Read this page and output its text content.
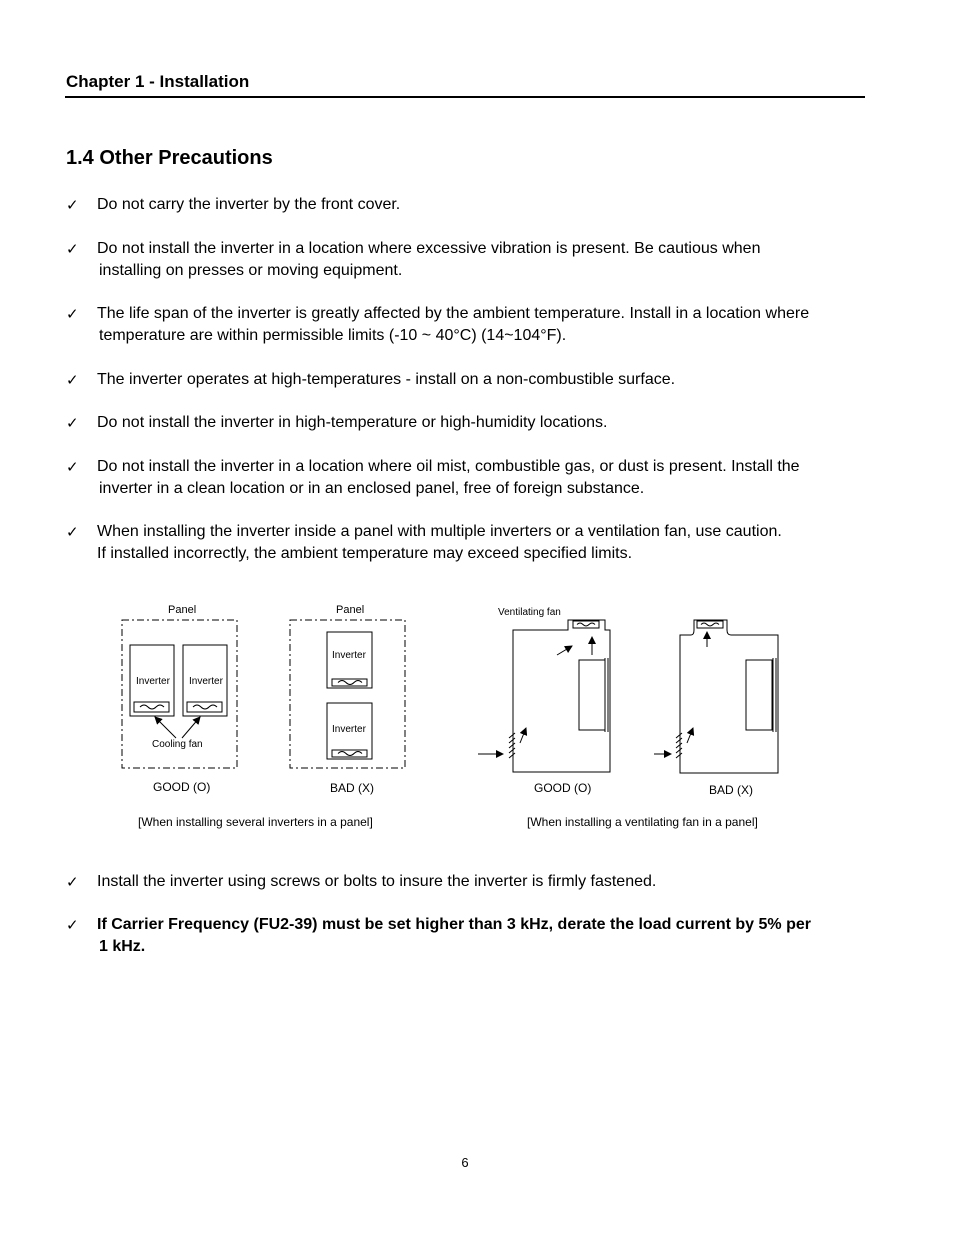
Chapter 1 - Installation
1.4 Other Precautions
✓ Do not carry the inverter by the front cover.
✓ Do not install the inverter in a location where excessive vibration is present. Be cautious when
installing on presses or moving equipment.
✓ The life span of the inverter is greatly affected by the ambient temperature. Install in a location where
temperature are within permissible limits (-10 ~ 40°C) (14~104°F).
✓ The inverter operates at high-temperatures - install on a non-combustible surface.
✓ Do not install the inverter in high-temperature or high-humidity locations.
✓ Do not install the inverter in a location where oil mist, combustible gas, or dust is present. Install the
inverter in a clean location or in an enclosed panel, free of foreign substance.
✓ When installing the inverter inside a panel with multiple inverters or a ventilation fan, use caution.
If installed incorrectly, the ambient temperature may exceed specified limits.
Panel	Panel
Inverter Inverter
Inverter
Inverter
Cooling fan
Ventilating fan
GOOD (O)	BAD (X)	GOOD (O)	BAD (X)
[When installing several inverters in a panel]	[When installing a ventilating fan in a panel]
✓ Install the inverter using screws or bolts to insure the inverter is firmly fastened.
✓ If Carrier Frequency (FU2-39) must be set higher than 3 kHz, derate the load current by 5% per
1 kHz.
6
